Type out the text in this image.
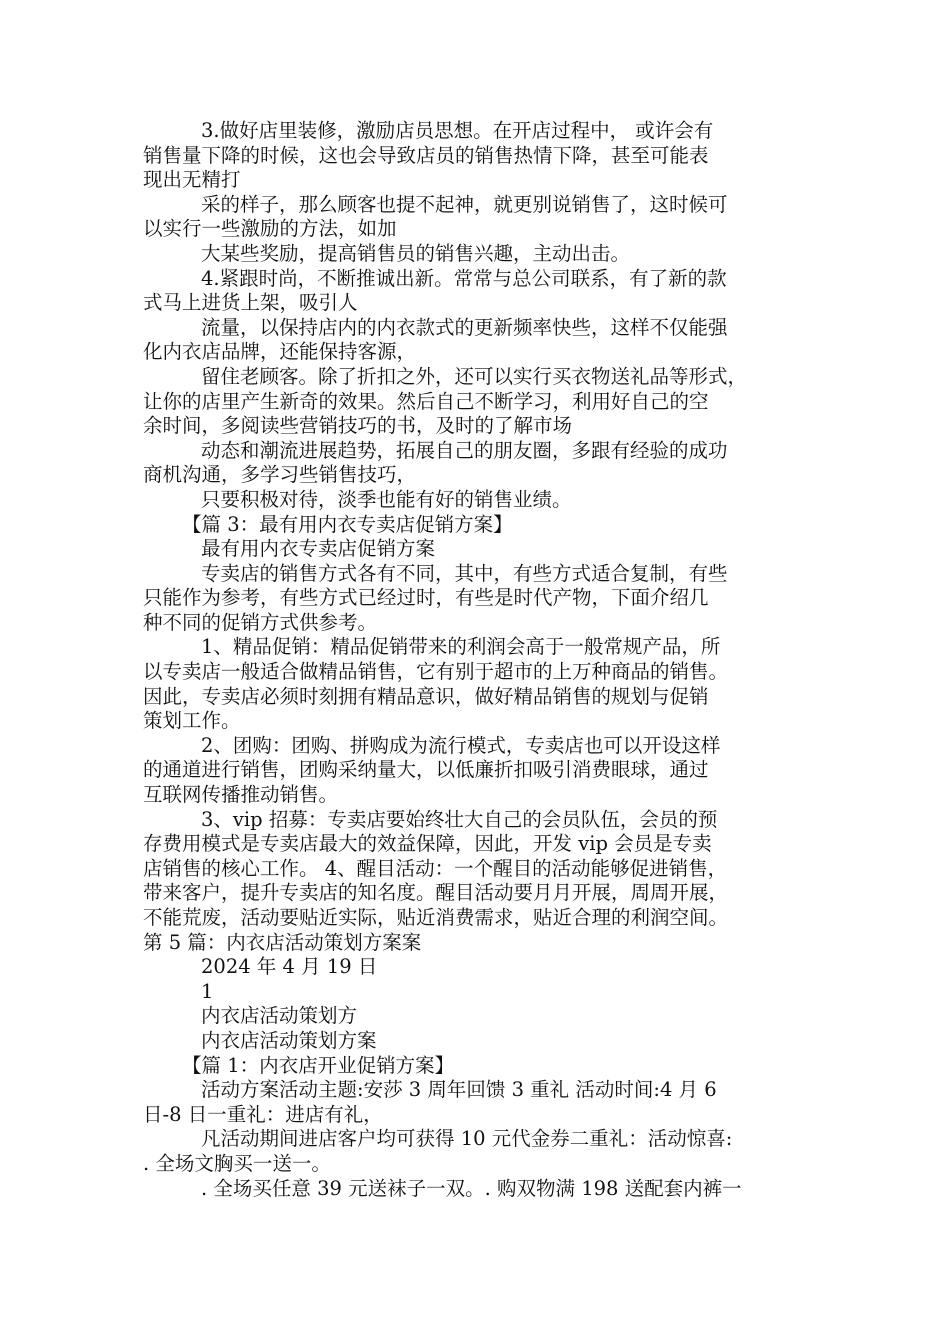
3.做好店里装修，激励店员思想。在开店过程中， 或许会有

销售量下降的时候，这也会导致店员的销售热情下降，甚至可能表

现出无精打

采的样子，那么顾客也提不起神，就更别说销售了，这时候可

以实行一些激励的方法，如加

大某些奖励，提高销售员的销售兴趣，主动出击。

4.紧跟时尚，不断推诚出新。常常与总公司联系，有了新的款

式马上进货上架，吸引人

流量，以保持店内的内衣款式的更新频率快些，这样不仅能强

化内衣店品牌，还能保持客源，

留住老顾客。除了折扣之外，还可以实行买衣物送礼品等形式，

让你的店里产生新奇的效果。然后自己不断学习，利用好自己的空

余时间，多阅读些营销技巧的书，及时的了解市场

动态和潮流进展趋势，拓展自己的朋友圈，多跟有经验的成功

商机沟通，多学习些销售技巧，

只要积极对待，淡季也能有好的销售业绩。

【篇 3：最有用内衣专卖店促销方案】

最有用内衣专卖店促销方案

专卖店的销售方式各有不同，其中，有些方式适合复制，有些

只能作为参考，有些方式已经过时，有些是时代产物，下面介绍几

种不同的促销方式供参考。

1、精品促销：精品促销带来的利润会高于一般常规产品，所

以专卖店一般适合做精品销售，它有别于超市的上万种商品的销售。

因此，专卖店必须时刻拥有精品意识，做好精品销售的规划与促销

策划工作。

2、团购：团购、拼购成为流行模式，专卖店也可以开设这样

的通道进行销售，团购采纳量大，以低廉折扣吸引消费眼球，通过

互联网传播推动销售。

3、vip 招募：专卖店要始终壮大自己的会员队伍，会员的预

存费用模式是专卖店最大的效益保障，因此，开发 vip 会员是专卖

店销售的核心工作。 4、醒目活动：一个醒目的活动能够促进销售，

带来客户，提升专卖店的知名度。醒目活动要月月开展，周周开展，

不能荒废，活动要贴近实际，贴近消费需求，贴近合理的利润空间。

第 5 篇：内衣店活动策划方案案

2024 年 4 月 19 日

1

内衣店活动策划方

内衣店活动策划方案

【篇 1：内衣店开业促销方案】

活动方案活动主题:安莎 3 周年回馈 3 重礼 活动时间:4 月 6

日-8 日一重礼：进店有礼，

凡活动期间进店客户均可获得 10 元代金券二重礼：活动惊喜:

. 全场文胸买一送一。

. 全场买任意 39 元送袜子一双。. 购双物满 198 送配套内裤一
